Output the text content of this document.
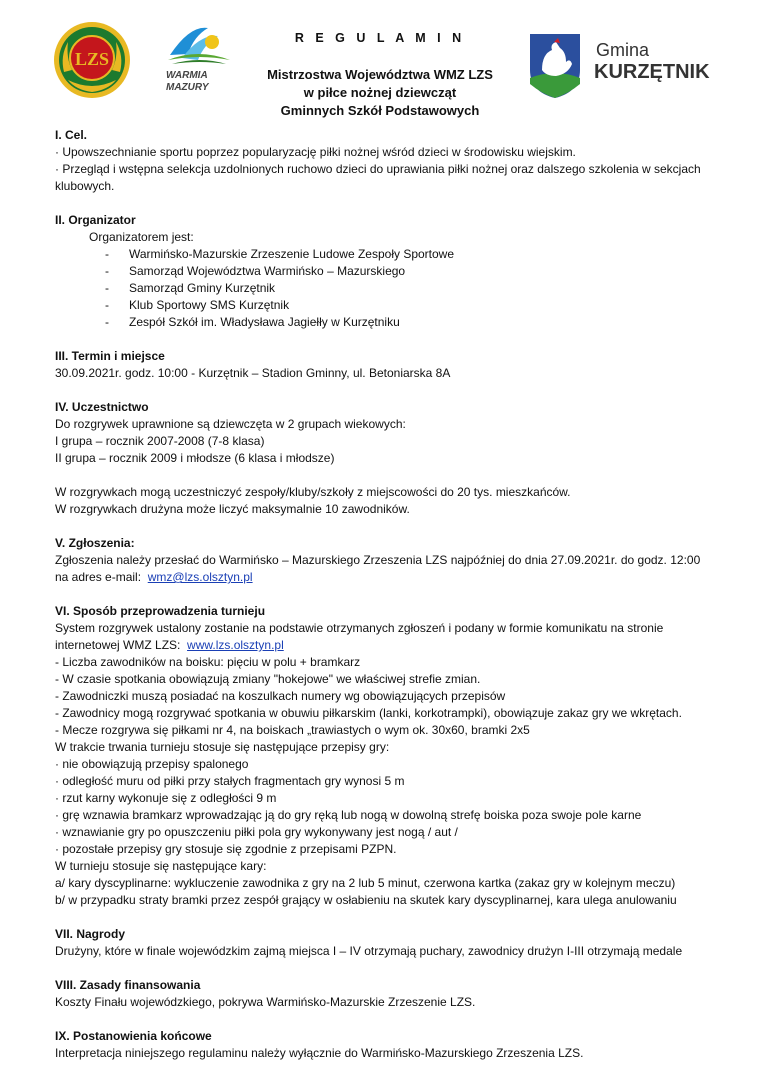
LZS
WARMIA
MAZURY
R E G U L A M I N
Mistrzostwa Województwa WMZ LZS
w piłce nożnej dziewcząt
Gminnych Szkół Podstawowych
Gmina
KURZĘTNIK
I. Cel.
· Upowszechnianie sportu poprzez popularyzację piłki nożnej wśród dzieci w środowisku wiejskim.
· Przegląd i wstępna selekcja uzdolnionych ruchowo dzieci do uprawiania piłki nożnej oraz dalszego szkolenia w sekcjach klubowych.
II. Organizator
Organizatorem jest:
- Warmińsko-Mazurskie Zrzeszenie Ludowe Zespoły Sportowe
- Samorząd Województwa Warmińsko – Mazurskiego
- Samorząd Gminy Kurzętnik
- Klub Sportowy SMS Kurzętnik
- Zespół Szkół im. Władysława Jagiełły w Kurzętniku
III. Termin i miejsce
30.09.2021r. godz. 10:00 - Kurzętnik – Stadion Gminny, ul. Betoniarska 8A
IV. Uczestnictwo
Do rozgrywek uprawnione są dziewczęta w 2 grupach wiekowych:
I grupa – rocznik 2007-2008 (7-8 klasa)
II grupa – rocznik 2009 i młodsze (6 klasa i młodsze)
W rozgrywkach mogą uczestniczyć zespoły/kluby/szkoły z miejscowości do 20 tys. mieszkańców.
W rozgrywkach drużyna może liczyć maksymalnie 10 zawodników.
V. Zgłoszenia:
Zgłoszenia należy przesłać do Warmińsko – Mazurskiego Zrzeszenia LZS najpóźniej do dnia 27.09.2021r. do godz. 12:00
na adres e-mail:  wmz@lzs.olsztyn.pl
VI. Sposób przeprowadzenia turnieju
System rozgrywek ustalony zostanie na podstawie otrzymanych zgłoszeń i podany w formie komunikatu na stronie
internetowej WMZ LZS:  www.lzs.olsztyn.pl
- Liczba zawodników na boisku: pięciu w polu + bramkarz
- W czasie spotkania obowiązują zmiany "hokejowe" we właściwej strefie zmian.
- Zawodniczki muszą posiadać na koszulkach numery wg obowiązujących przepisów
- Zawodnicy mogą rozgrywać spotkania w obuwiu piłkarskim (lanki, korkotrampki), obowiązuje zakaz gry we wkrętach.
- Mecze rozgrywa się piłkami nr 4, na boiskach „trawiastych o wym ok. 30x60, bramki 2x5
W trakcie trwania turnieju stosuje się następujące przepisy gry:
· nie obowiązują przepisy spalonego
· odległość muru od piłki przy stałych fragmentach gry wynosi 5 m
· rzut karny wykonuje się z odległości 9 m
· grę wznawia bramkarz wprowadzając ją do gry ręką lub nogą w dowolną strefę boiska poza swoje pole karne
· wznawianie gry po opuszczeniu piłki pola gry wykonywany jest nogą / aut /
· pozostałe przepisy gry stosuje się zgodnie z przepisami PZPN.
W turnieju stosuje się następujące kary:
a/ kary dyscyplinarne: wykluczenie zawodnika z gry na 2 lub 5 minut, czerwona kartka (zakaz gry w kolejnym meczu)
b/ w przypadku straty bramki przez zespół grający w osłabieniu na skutek kary dyscyplinarnej, kara ulega anulowaniu
VII. Nagrody
Drużyny, które w finale wojewódzkim zajmą miejsca I – IV otrzymają puchary, zawodnicy drużyn I-III otrzymają medale
VIII. Zasady finansowania
Koszty Finału wojewódzkiego, pokrywa Warmińsko-Mazurskie Zrzeszenie LZS.
IX. Postanowienia końcowe
Interpretacja niniejszego regulaminu należy wyłącznie do Warmińsko-Mazurskiego Zrzeszenia LZS.
